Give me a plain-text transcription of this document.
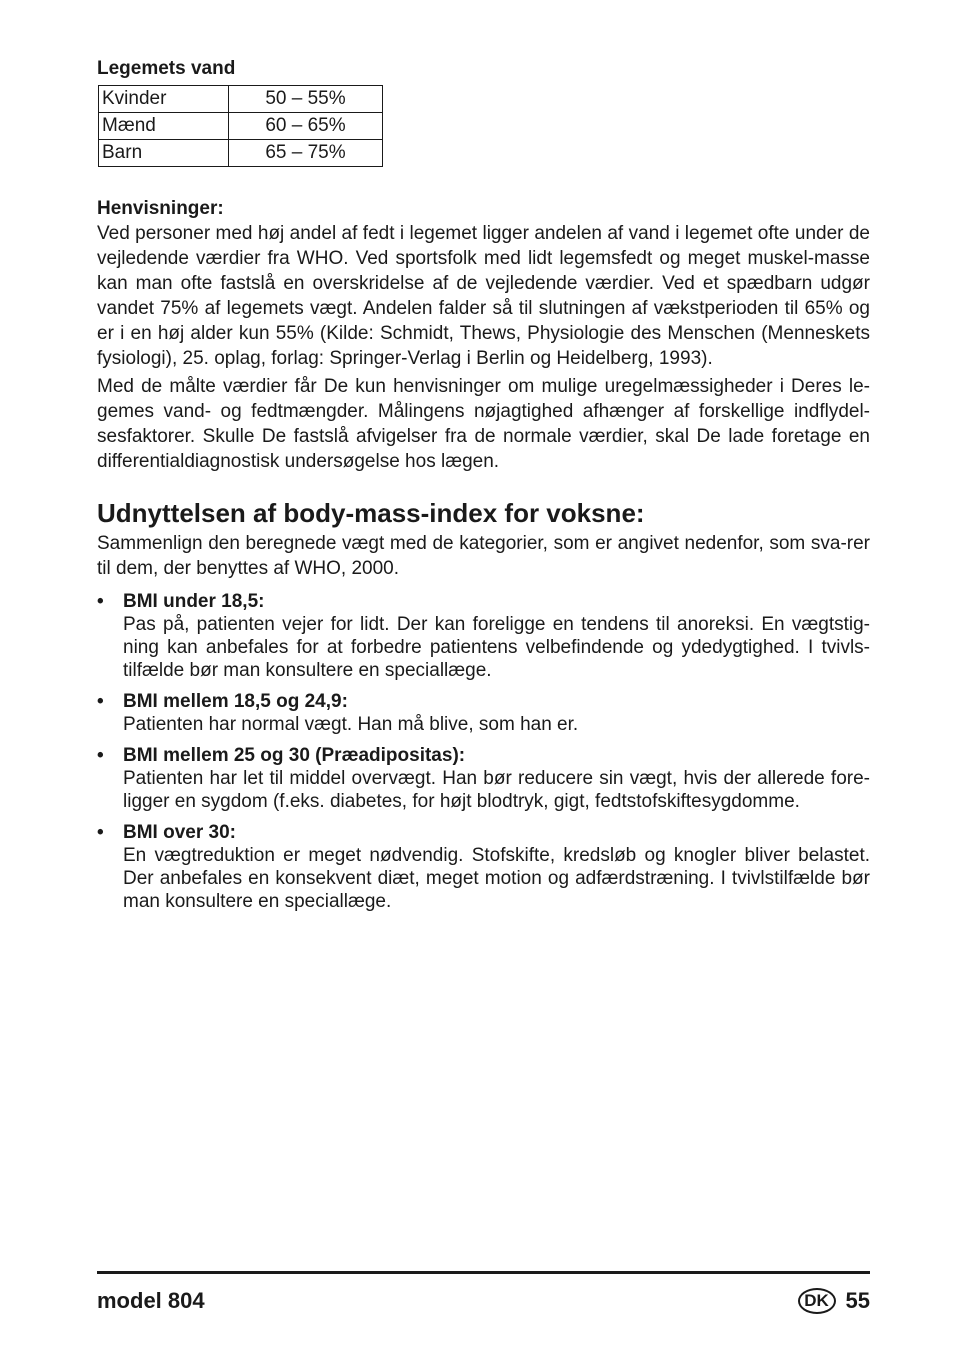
Legemets vand
Kvinder	50 – 55%
Mænd	60 – 65%
Barn	65 – 75%
Henvisninger:

Ved personer med høj andel af fedt i legemet ligger andelen af vand i legemet ofte under de vejledende værdier fra WHO. Ved sportsfolk med lidt legemsfedt og meget muskel-masse kan man ofte fastslå en overskridelse af de vejledende værdier. Ved et spædbarn udgør vandet 75% af legemets vægt. Andelen falder så til slutningen af vækstperioden til 65% og er i en høj alder kun 55% (Kilde: Schmidt, Thews, Physiologie des Menschen (Menneskets fysiologi), 25. oplag, forlag: Springer-Verlag i Berlin og Heidelberg, 1993).

Med de målte værdier får De kun henvisninger om mulige uregelmæssigheder i Deres le-gemes vand- og fedtmængder. Målingens nøjagtighed afhænger af forskellige indflydel-sesfaktorer. Skulle De fastslå afvigelser fra de normale værdier, skal De lade foretage en differentialdiagnostisk undersøgelse hos lægen.

Udnyttelsen af body-mass-index for voksne:

Sammenlign den beregnede vægt med de kategorier, som er angivet nedenfor, som sva-rer til dem, der benyttes af WHO, 2000.

• BMI under 18,5:
Pas på, patienten vejer for lidt. Der kan foreligge en tendens til anoreksi. En vægtstig-ning kan anbefales for at forbedre patientens velbefindende og ydedygtighed. I tvivls-tilfælde bør man konsultere en speciallæge.
• BMI mellem 18,5 og 24,9:
Patienten har normal vægt. Han må blive, som han er.
• BMI mellem 25 og 30 (Præadipositas):
Patienten har let til middel overvægt. Han bør reducere sin vægt, hvis der allerede fore-ligger en sygdom (f.eks. diabetes, for højt blodtryk, gigt, fedtstofskiftesygdomme.
• BMI over 30:
En vægtreduktion er meget nødvendig. Stofskifte, kredsløb og knogler bliver belastet. Der anbefales en konsekvent diæt, meget motion og adfærdstræning. I tvivlstilfælde bør man konsultere en speciallæge.
model 804	DK 55
